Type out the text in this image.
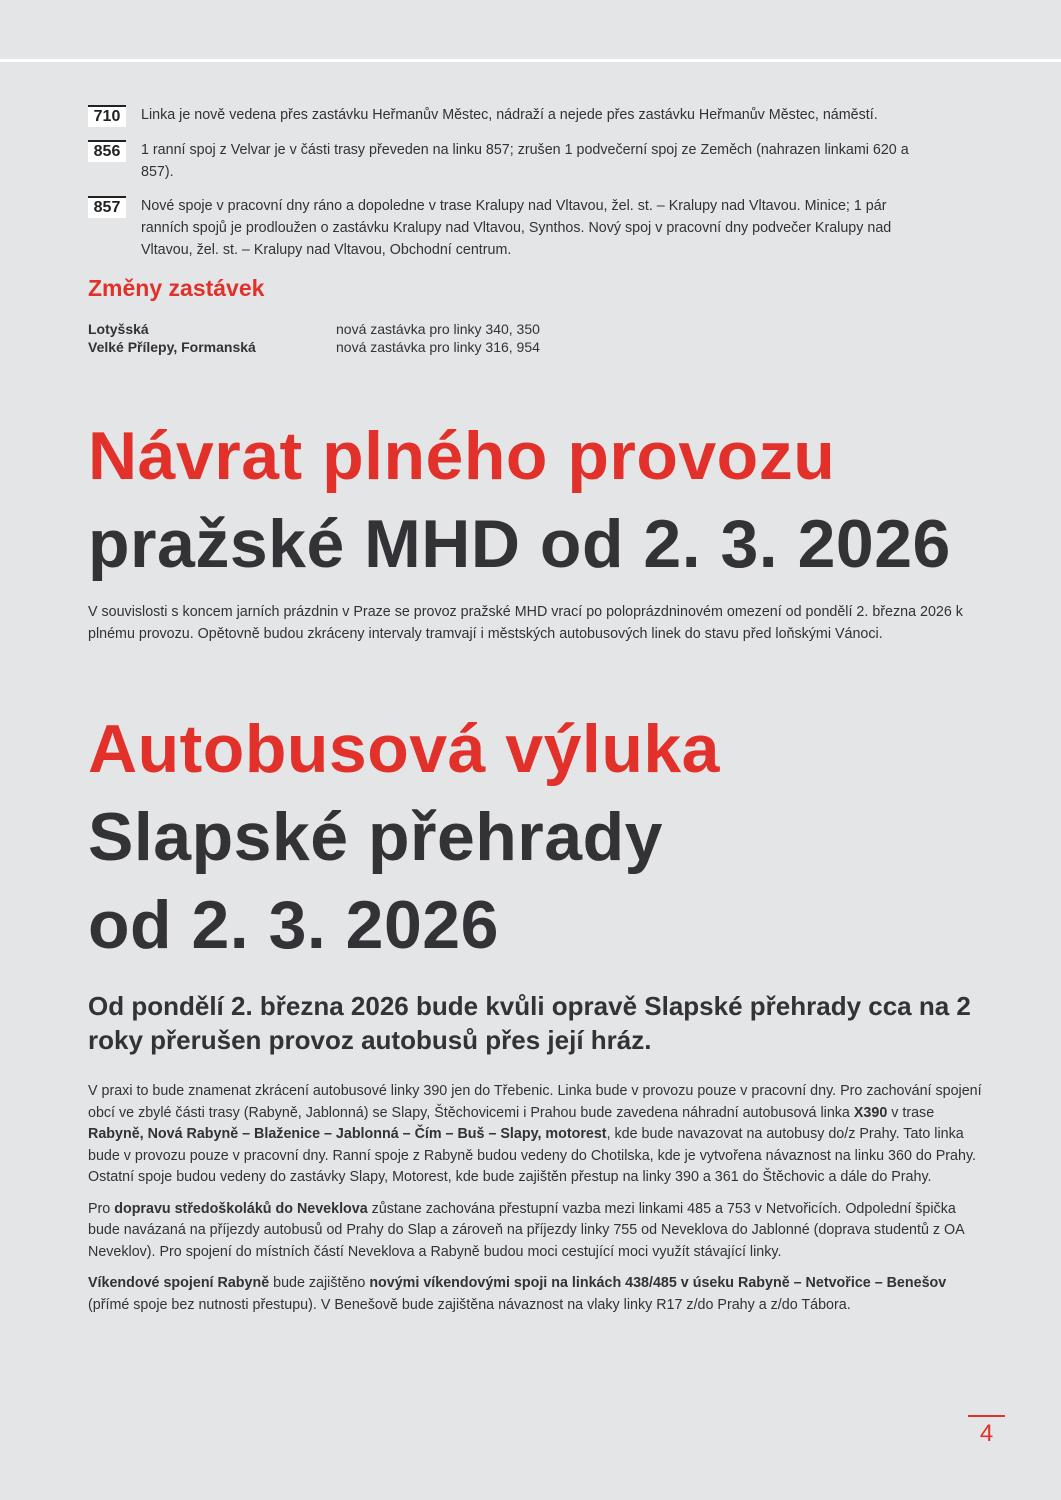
710	Linka je nově vedena přes zastávku Heřmanův Městec, nádraží a nejede přes zastávku Heřmanův Městec, náměstí.
856	1 ranní spoj z Velvar je v části trasy převeden na linku 857; zrušen 1 podvečerní spoj ze Zeměch (nahrazen linkami 620 a 857).
857	Nové spoje v pracovní dny ráno a dopoledne v trase Kralupy nad Vltavou, žel. st. – Kralupy nad Vltavou. Minice; 1 pár ranních spojů je prodloužen o zastávku Kralupy nad Vltavou, Synthos. Nový spoj v pracovní dny podvečer Kralupy nad Vltavou, žel. st. – Kralupy nad Vltavou, Obchodní centrum.
Změny zastávek
Lotyšská	nová zastávka pro linky 340, 350
Velké Přílepy, Formanská	nová zastávka pro linky 316, 954
Návrat plného provozu
pražské MHD od 2. 3. 2026

V souvislosti s koncem jarních prázdnin v Praze se provoz pražské MHD vrací po poloprázdninovém omezení od pondělí 2. března 2026 k plnému provozu. Opětovně budou zkráceny intervaly tramvají i městských autobusových linek do stavu před loňskými Vánoci.

Autobusová výluka
Slapské přehrady
od 2. 3. 2026

Od pondělí 2. března 2026 bude kvůli opravě Slapské přehrady cca na 2 roky přerušen provoz autobusů přes její hráz.

V praxi to bude znamenat zkrácení autobusové linky 390 jen do Třebenic. Linka bude v provozu pouze v pracovní dny. Pro zachování spojení obcí ve zbylé části trasy (Rabyně, Jablonná) se Slapy, Štěchovicemi i Prahou bude zavedena náhradní autobusová linka X390 v trase Rabyně, Nová Rabyně – Blaženice – Jablonná – Čím – Buš – Slapy, motorest, kde bude navazovat na autobusy do/z Prahy. Tato linka bude v provozu pouze v pracovní dny. Ranní spoje z Rabyně budou vedeny do Chotilska, kde je vytvořena návaznost na linku 360 do Prahy. Ostatní spoje budou vedeny do zastávky Slapy, Motorest, kde bude zajištěn přestup na linky 390 a 361 do Štěchovic a dále do Prahy.

Pro dopravu středoškoláků do Neveklova zůstane zachována přestupní vazba mezi linkami 485 a 753 v Netvořicích. Odpolední špička bude navázaná na příjezdy autobusů od Prahy do Slap a zároveň na příjezdy linky 755 od Neveklova do Jablonné (doprava studentů z OA Neveklov). Pro spojení do místních částí Neveklova a Rabyně budou moci cestující moci využít stávající linky.

Víkendové spojení Rabyně bude zajištěno novými víkendovými spoji na linkách 438/485 v úseku Rabyně – Netvořice – Benešov (přímé spoje bez nutnosti přestupu). V Benešově bude zajištěna návaznost na vlaky linky R17 z/do Prahy a z/do Tábora.

4
